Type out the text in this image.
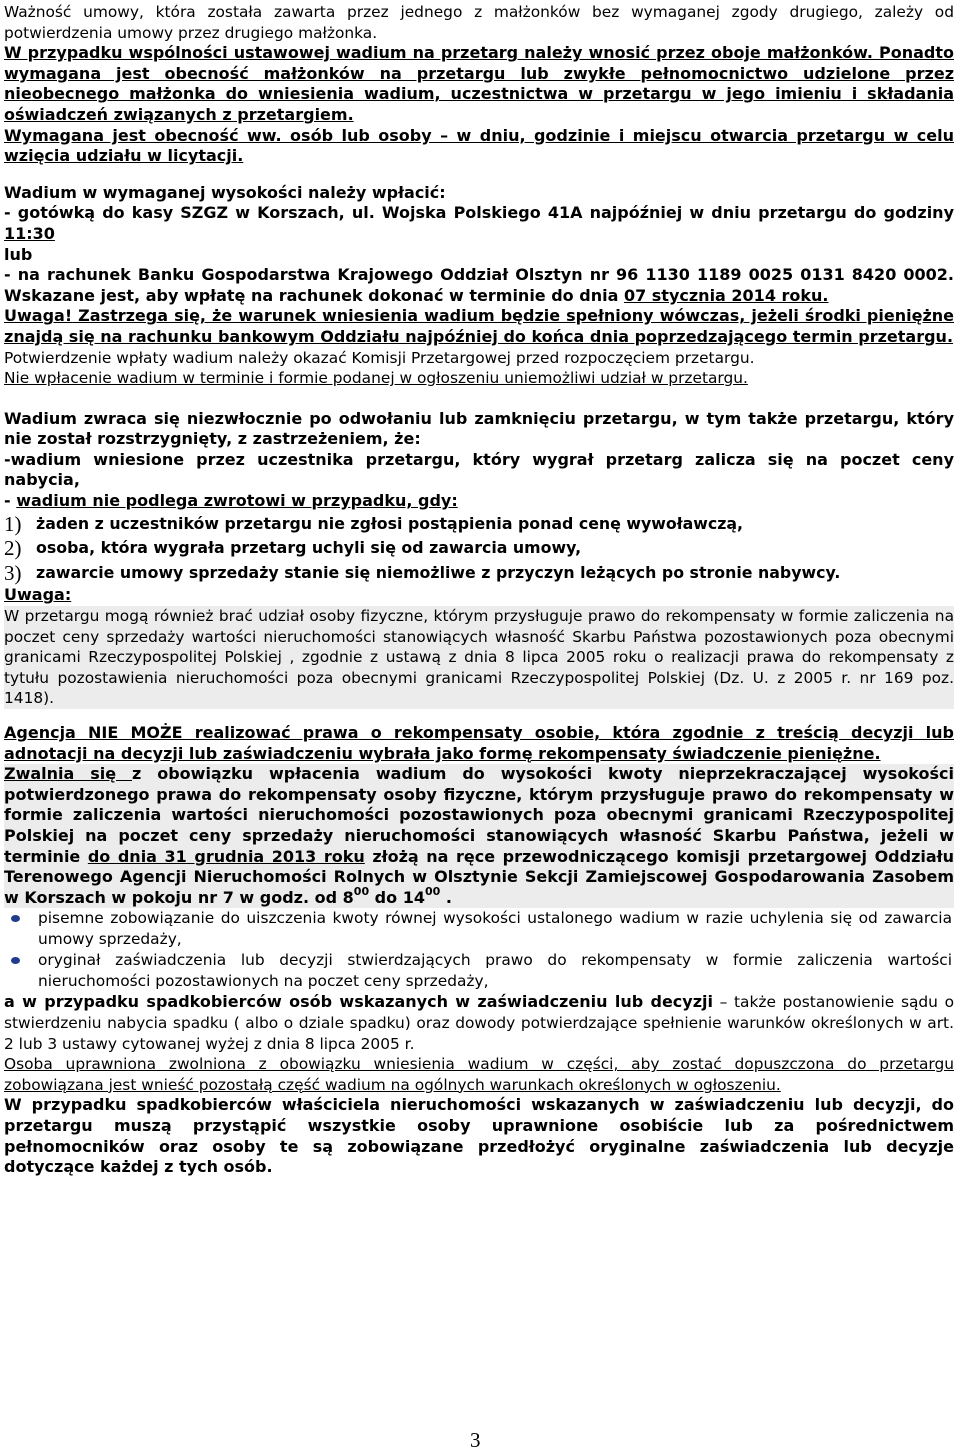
Ważność umowy, która została zawarta przez jednego z małżonków bez wymaganej zgody drugiego, zależy od potwierdzenia umowy przez drugiego małżonka.

W przypadku wspólności ustawowej wadium na przetarg należy wnosić przez oboje małżonków. Ponadto wymagana jest obecność małżonków na przetargu lub zwykłe pełnomocnictwo udzielone przez nieobecnego małżonka do wniesienia wadium, uczestnictwa w przetargu w jego imieniu i składania oświadczeń związanych z przetargiem.

Wymagana jest obecność ww. osób lub osoby – w dniu, godzinie i miejscu otwarcia przetargu w celu wzięcia udziału w licytacji.

Wadium w wymaganej wysokości należy wpłacić:

- gotówką do kasy SZGZ w Korszach, ul. Wojska Polskiego 41A najpóźniej w dniu przetargu do godziny 11:30

lub

- na rachunek Banku Gospodarstwa Krajowego Oddział Olsztyn nr 96 1130 1189 0025 0131 8420 0002. Wskazane jest, aby wpłatę na rachunek dokonać w terminie do dnia 07 stycznia 2014 roku.

Uwaga! Zastrzega się, że warunek wniesienia wadium będzie spełniony wówczas, jeżeli środki pieniężne znajdą się na rachunku bankowym Oddziału najpóźniej do końca dnia poprzedzającego termin przetargu.

Potwierdzenie wpłaty wadium należy okazać Komisji Przetargowej przed rozpoczęciem przetargu.

Nie wpłacenie wadium w terminie i formie podanej w ogłoszeniu uniemożliwi udział w przetargu.

Wadium zwraca się niezwłocznie po odwołaniu lub zamknięciu przetargu, w tym także przetargu, który nie został rozstrzygnięty, z zastrzeżeniem, że:

-wadium wniesione przez uczestnika przetargu, który wygrał przetarg zalicza się na poczet ceny nabycia,

- wadium nie podlega zwrotowi w przypadku, gdy:

1) żaden z uczestników przetargu nie zgłosi postąpienia ponad cenę wywoławczą,
2) osoba, która wygrała przetarg uchyli się od zawarcia umowy,
3) zawarcie umowy sprzedaży stanie się niemożliwe z przyczyn leżących po stronie nabywcy.

Uwaga:

W przetargu mogą również brać udział osoby fizyczne, którym przysługuje prawo do rekompensaty w formie zaliczenia na poczet ceny sprzedaży wartości nieruchomości stanowiących własność Skarbu Państwa pozostawionych poza obecnymi granicami Rzeczypospolitej Polskiej , zgodnie z ustawą z dnia 8 lipca 2005 roku o realizacji prawa do rekompensaty z tytułu pozostawienia nieruchomości poza obecnymi granicami Rzeczypospolitej Polskiej (Dz. U. z 2005 r. nr 169 poz. 1418).

Agencja NIE MOŻE realizować prawa o rekompensaty osobie, która zgodnie z treścią decyzji lub adnotacji na decyzji lub zaświadczeniu wybrała jako formę rekompensaty świadczenie pieniężne.

Zwalnia się z obowiązku wpłacenia wadium do wysokości kwoty nieprzekraczającej wysokości potwierdzonego prawa do rekompensaty osoby fizyczne, którym przysługuje prawo do rekompensaty w formie zaliczenia wartości nieruchomości pozostawionych poza obecnymi granicami Rzeczypospolitej Polskiej na poczet ceny sprzedaży nieruchomości stanowiących własność Skarbu Państwa, jeżeli w terminie do dnia 31 grudnia 2013 roku złożą na ręce przewodniczącego komisji przetargowej Oddziału Terenowego Agencji Nieruchomości Rolnych w Olsztynie Sekcji Zamiejscowej Gospodarowania Zasobem w Korszach w pokoju nr 7 w godz. od $8^{00}$ do $14^{00}$ .

pisemne zobowiązanie do uiszczenia kwoty równej wysokości ustalonego wadium w razie uchylenia się od zawarcia umowy sprzedaży,
oryginał zaświadczenia lub decyzji stwierdzających prawo do rekompensaty w formie zaliczenia wartości nieruchomości pozostawionych na poczet ceny sprzedaży,

a w przypadku spadkobierców osób wskazanych w zaświadczeniu lub decyzji – także postanowienie sądu o stwierdzeniu nabycia spadku ( albo o dziale spadku) oraz dowody potwierdzające spełnienie warunków określonych w art. 2 lub 3 ustawy cytowanej wyżej z dnia 8 lipca 2005 r.

Osoba uprawniona zwolniona z obowiązku wniesienia wadium w części, aby zostać dopuszczona do przetargu zobowiązana jest wnieść pozostałą część wadium na ogólnych warunkach określonych w ogłoszeniu.

W przypadku spadkobierców właściciela nieruchomości wskazanych w zaświadczeniu lub decyzji, do przetargu muszą przystąpić wszystkie osoby uprawnione osobiście lub za pośrednictwem pełnomocników oraz osoby te są zobowiązane przedłożyć oryginalne zaświadczenia lub decyzje dotyczące każdej z tych osób.

3
